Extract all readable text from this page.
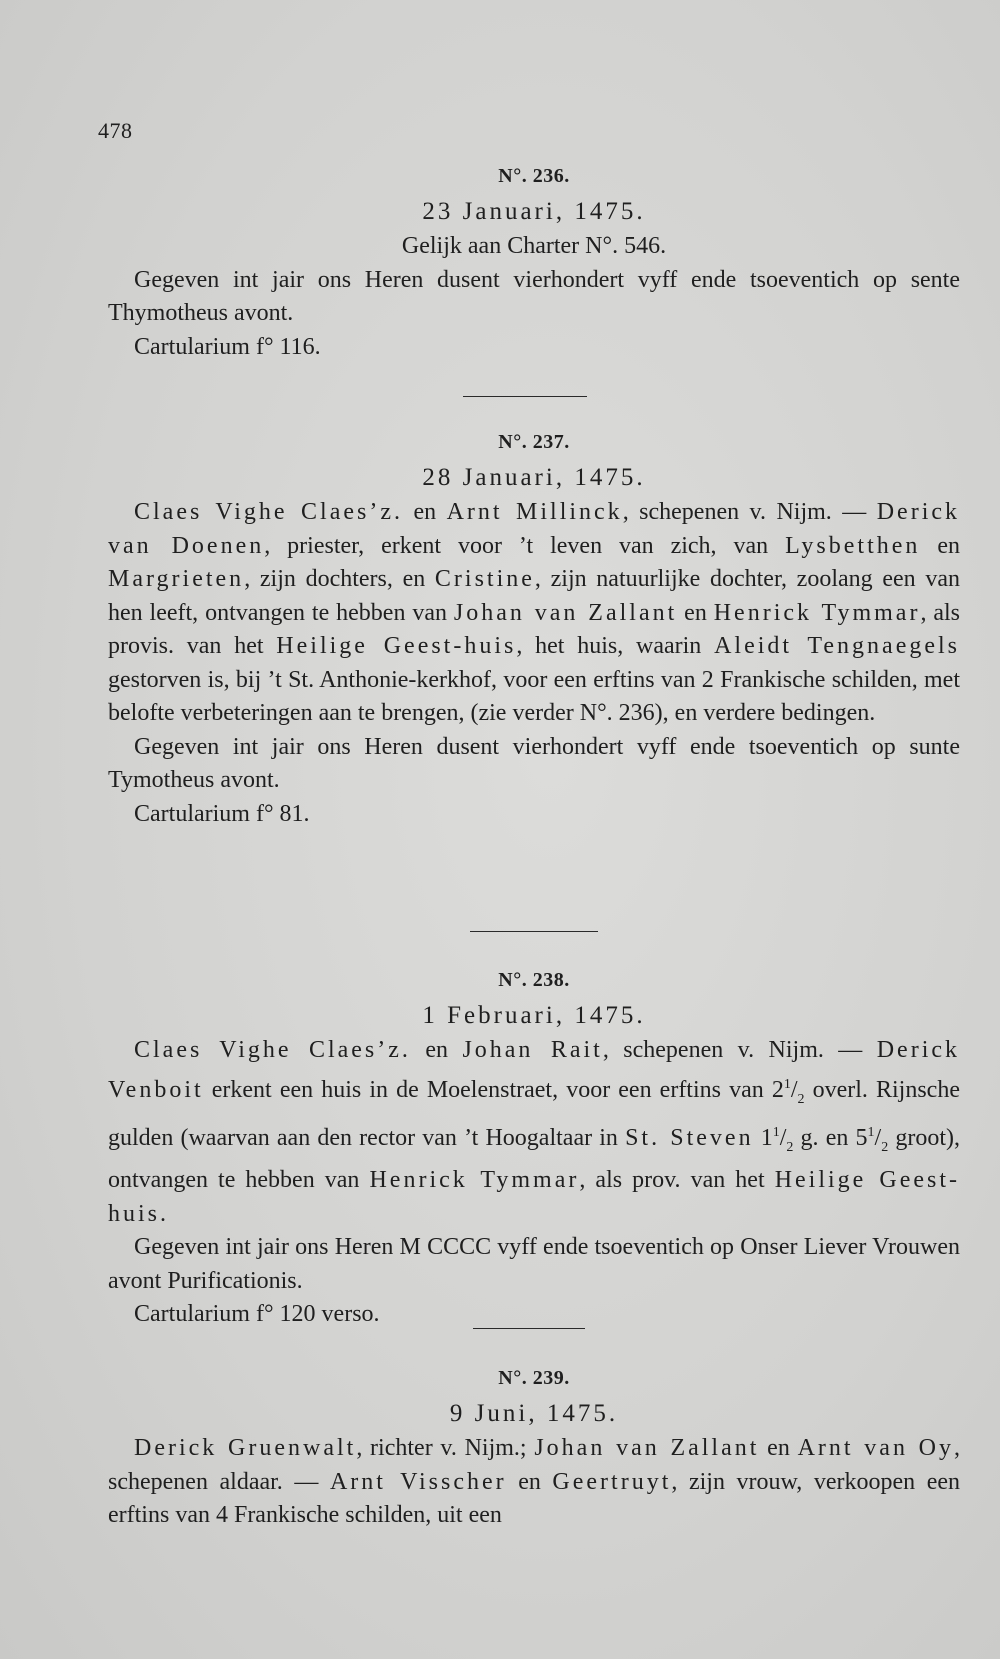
478
N°. 236.
23 Januari, 1475.
Gelijk aan Charter N°. 546.

Gegeven int jair ons Heren dusent vierhondert vyff ende tsoeventich op sente Thymotheus avont.

Cartularium f° 116.

N°. 237.
28 Januari, 1475.

Claes Vighe Claes’z. en Arnt Millinck, schepenen v. Nijm. — Derick van Doenen, priester, erkent voor ’t leven van zich, van Lysbetthen en Margrieten, zijn dochters, en Cristine, zijn natuurlijke dochter, zoolang een van hen leeft, ontvangen te hebben van Johan van Zallant en Henrick Tymmar, als provis. van het Heilige Geest-huis, het huis, waarin Aleidt Tengnaegels gestorven is, bij ’t St. Anthonie-kerkhof, voor een erftins van 2 Frankische schilden, met belofte verbeteringen aan te brengen, (zie verder N°. 236), en verdere bedingen.

Gegeven int jair ons Heren dusent vierhondert vyff ende tsoeventich op sunte Tymotheus avont.

Cartularium f° 81.

N°. 238.
1 Februari, 1475.

Claes Vighe Claes’z. en Johan Rait, schepenen v. Nijm. — Derick Venboit erkent een huis in de Moelenstraet, voor een erftins van $2^1/_2$ overl. Rijnsche gulden (waarvan aan den rector van ’t Hoogaltaar in St. Steven $1^1/_2$ g. en $5^1/_2$ groot), ontvangen te hebben van Henrick Tymmar, als prov. van het Heilige Geest-huis.

Gegeven int jair ons Heren M CCCC vyff ende tsoeventich op Onser Liever Vrouwen avont Purificationis.

Cartularium f° 120 verso.

N°. 239.
9 Juni, 1475.

Derick Gruenwalt, richter v. Nijm.; Johan van Zallant en Arnt van Oy, schepenen aldaar. — Arnt Visscher en Geertruyt, zijn vrouw, verkoopen een erftins van 4 Frankische schilden, uit een
